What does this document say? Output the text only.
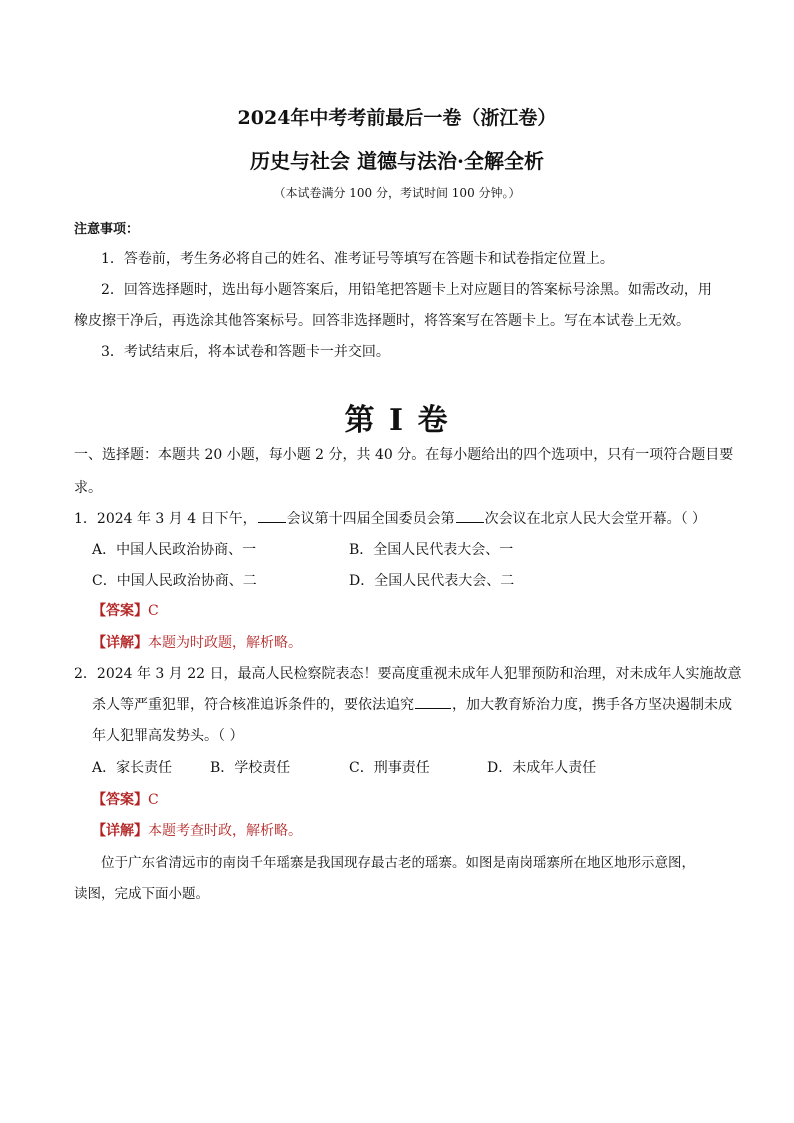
2024年中考考前最后一卷（浙江卷）
历史与社会 道德与法治·全解全析
（本试卷满分 100 分，考试时间 100 分钟。）
注意事项：
1．答卷前，考生务必将自己的姓名、准考证号等填写在答题卡和试卷指定位置上。
2．回答选择题时，选出每小题答案后，用铅笔把答题卡上对应题目的答案标号涂黑。如需改动，用
橡皮擦干净后，再选涂其他答案标号。回答非选择题时，将答案写在答题卡上。写在本试卷上无效。
3．考试结束后，将本试卷和答题卡一并交回。
第 I 卷
一、选择题：本题共 20 小题，每小题 2 分，共 40 分。在每小题给出的四个选项中，只有一项符合题目要
求。
1．2024 年 3 月 4 日下午， 会议第十四届全国委员会第 次会议在北京人民大会堂开幕。（ ）
A．中国人民政治协商、一	B．全国人民代表大会、一
C．中国人民政治协商、二	D．全国人民代表大会、二
【答案】C
【详解】本题为时政题，解析略。
2．2024 年 3 月 22 日，最高人民检察院表态！要高度重视未成年人犯罪预防和治理，对未成年人实施故意
杀人等严重犯罪，符合核准追诉条件的，要依法追究	，加大教育矫治力度，携手各方坚决遏制未成
年人犯罪高发势头。（ ）
A．家长责任	B．学校责任	C．刑事责任	D．未成年人责任
【答案】C
【详解】本题考查时政，解析略。
位于广东省清远市的南岗千年瑶寨是我国现存最古老的瑶寨。如图是南岗瑶寨所在地区地形示意图，
读图，完成下面小题。
